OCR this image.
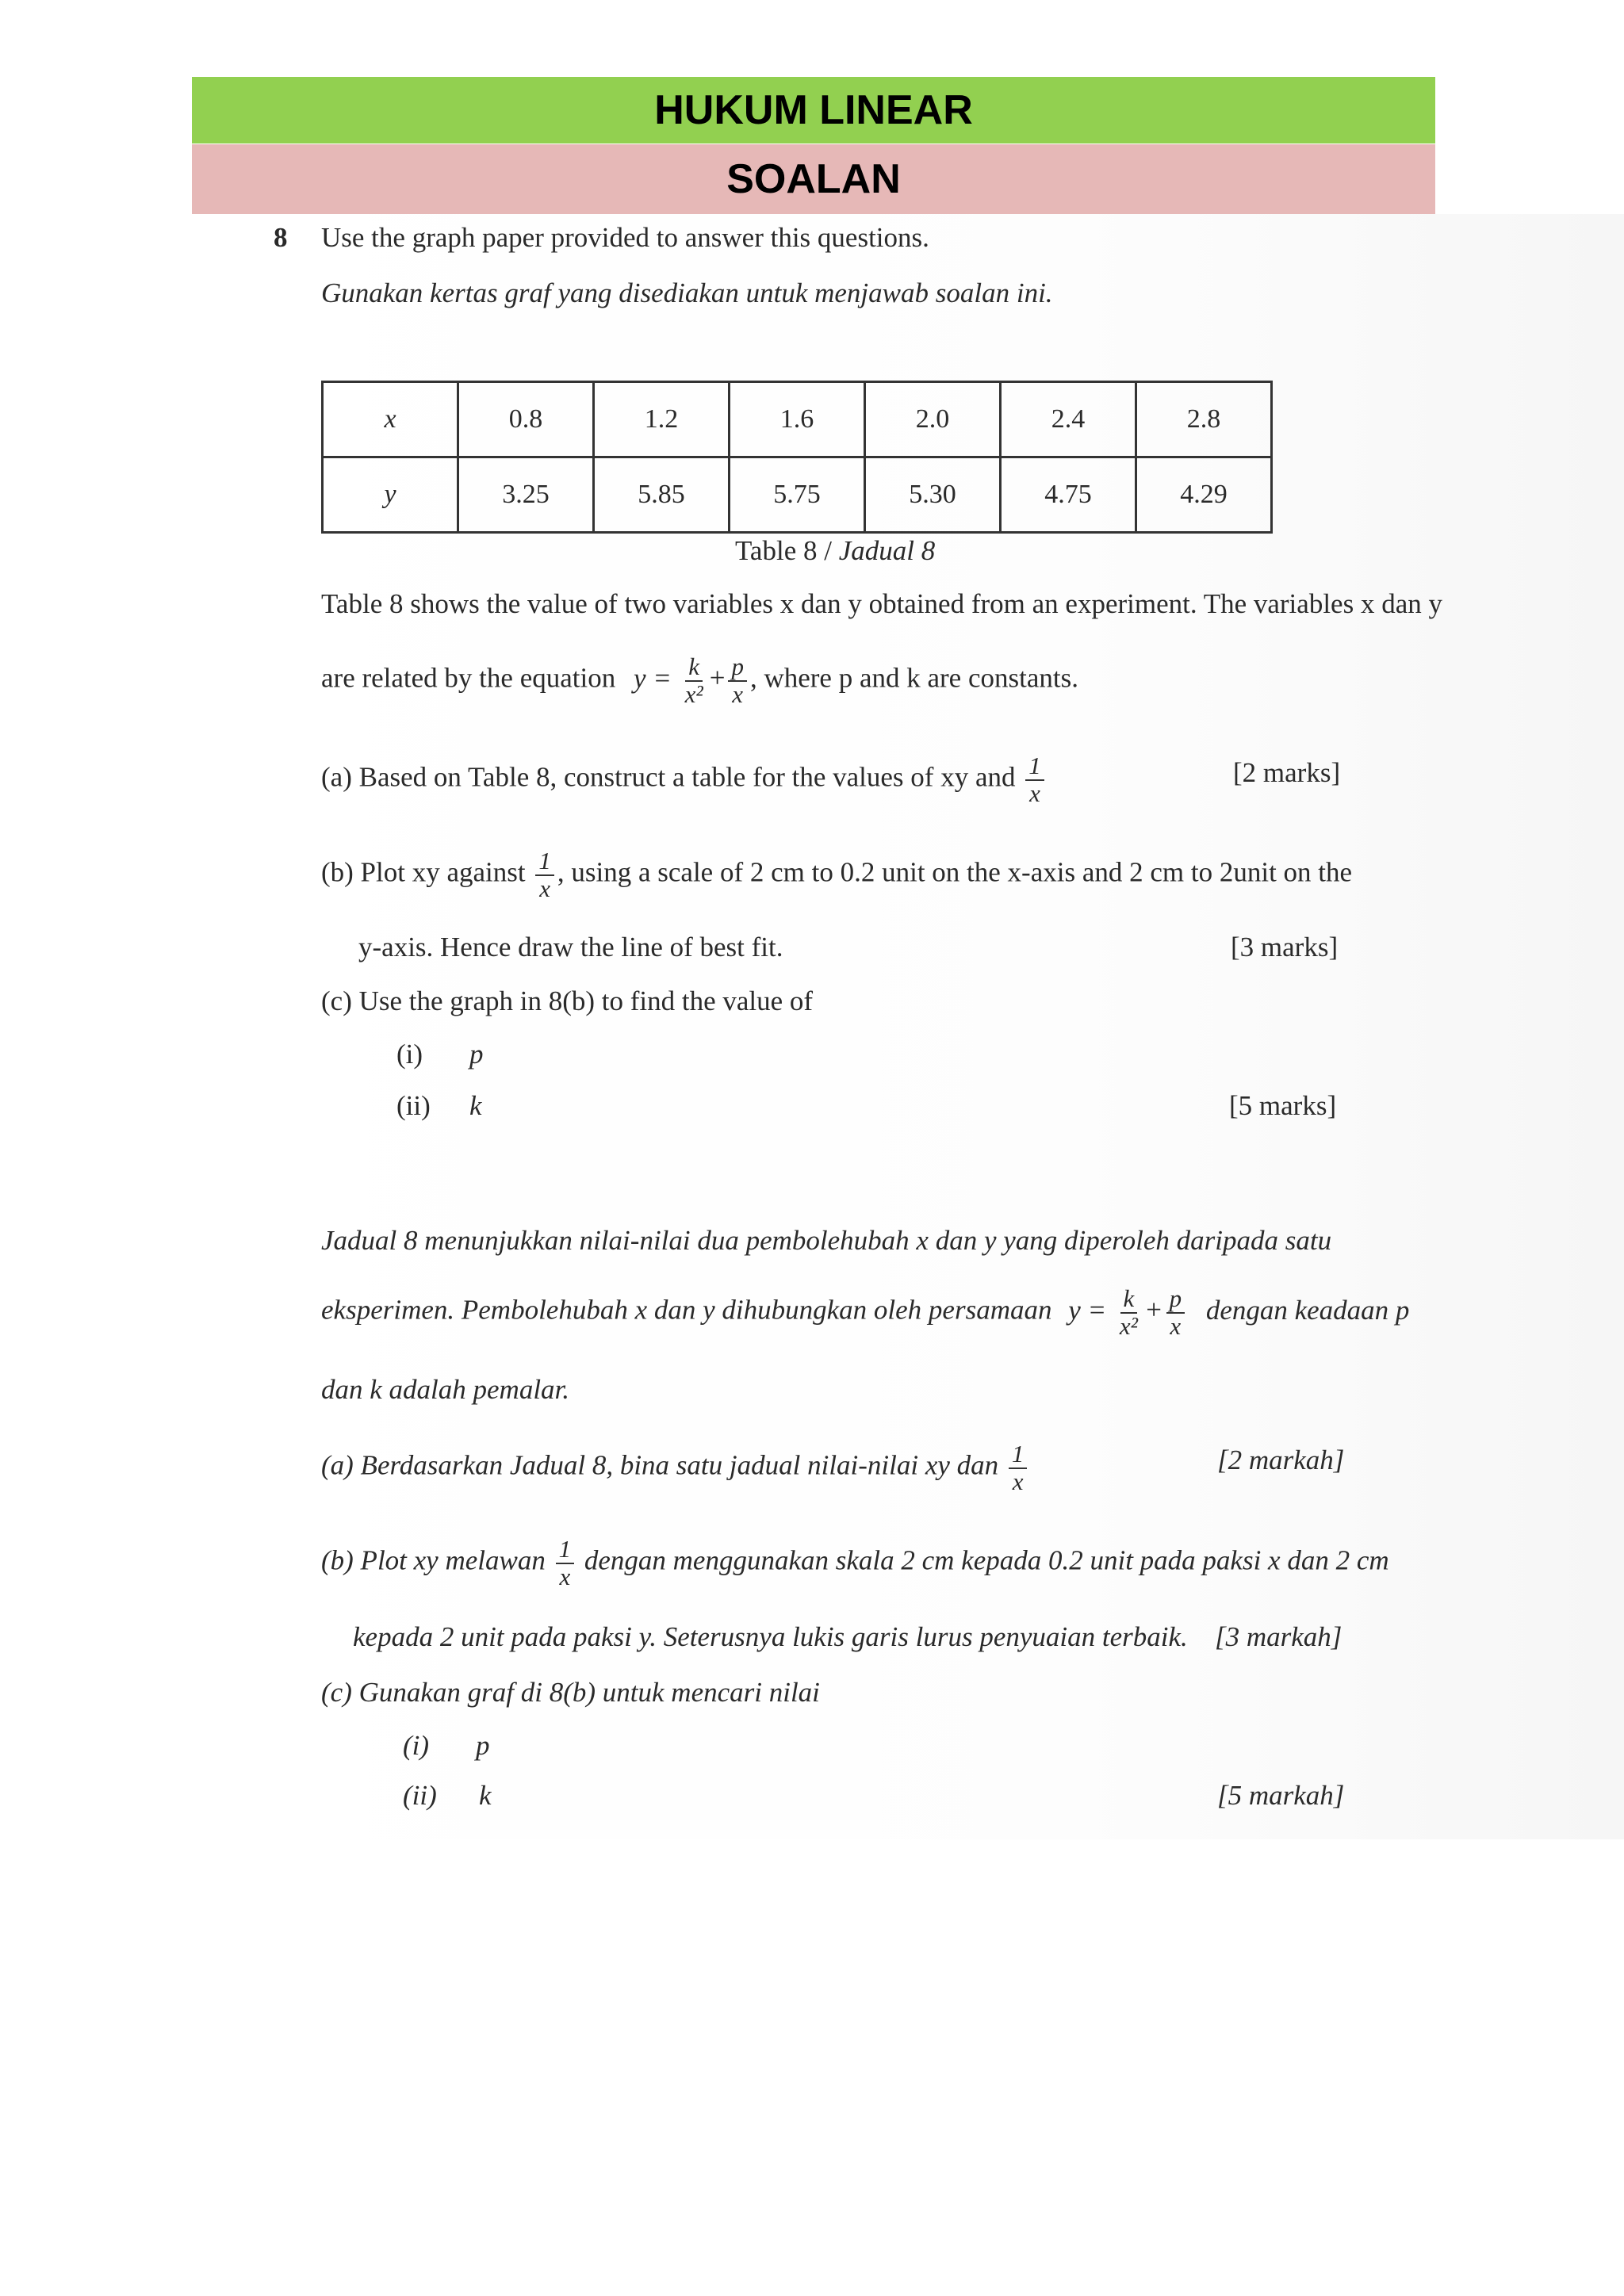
HUKUM LINEAR
SOALAN
8 Use the graph paper provided to answer this questions.
Gunakan kertas graf yang disediakan untuk menjawab soalan ini.
x	0.8	1.2	1.6	2.0	2.4	2.8
y	3.25	5.85	5.75	5.30	4.75	4.29
Table 8 / Jadual 8
Table 8 shows the value of two variables x dan y obtained from an experiment. The variables x dan y
are related by the equation $y = \frac{k}{\text{x²}} + \frac{p}{x}$ , where p and k are constants.
(a) Based on Table 8, construct a table for the values of xy and $\frac{1}{x}$	[2 marks]
(b) Plot xy against $\frac{1}{x}$ , using a scale of 2 cm to 0.2 unit on the x-axis and 2 cm to 2unit on the
y-axis. Hence draw the line of best fit.	[3 marks]
(c) Use the graph in 8(b) to find the value of
(i) p
(ii) k	[5 marks]
Jadual 8 menunjukkan nilai-nilai dua pembolehubah x dan y yang diperoleh daripada satu
eksperimen. Pembolehubah x dan y dihubungkan oleh persamaan $y = \frac{k}{\text{x²}} + \frac{p}{x}$ dengan keadaan p
dan k adalah pemalar.
(a) Berdasarkan Jadual 8, bina satu jadual nilai-nilai xy dan $\frac{1}{x}$	[2 markah]
(b) Plot xy melawan $\frac{1}{x}$ dengan menggunakan skala 2 cm kepada 0.2 unit pada paksi x dan 2 cm
kepada 2 unit pada paksi y. Seterusnya lukis garis lurus penyuaian terbaik. [3 markah]
(c) Gunakan graf di 8(b) untuk mencari nilai
(i) p
(ii) k	[5 markah]
